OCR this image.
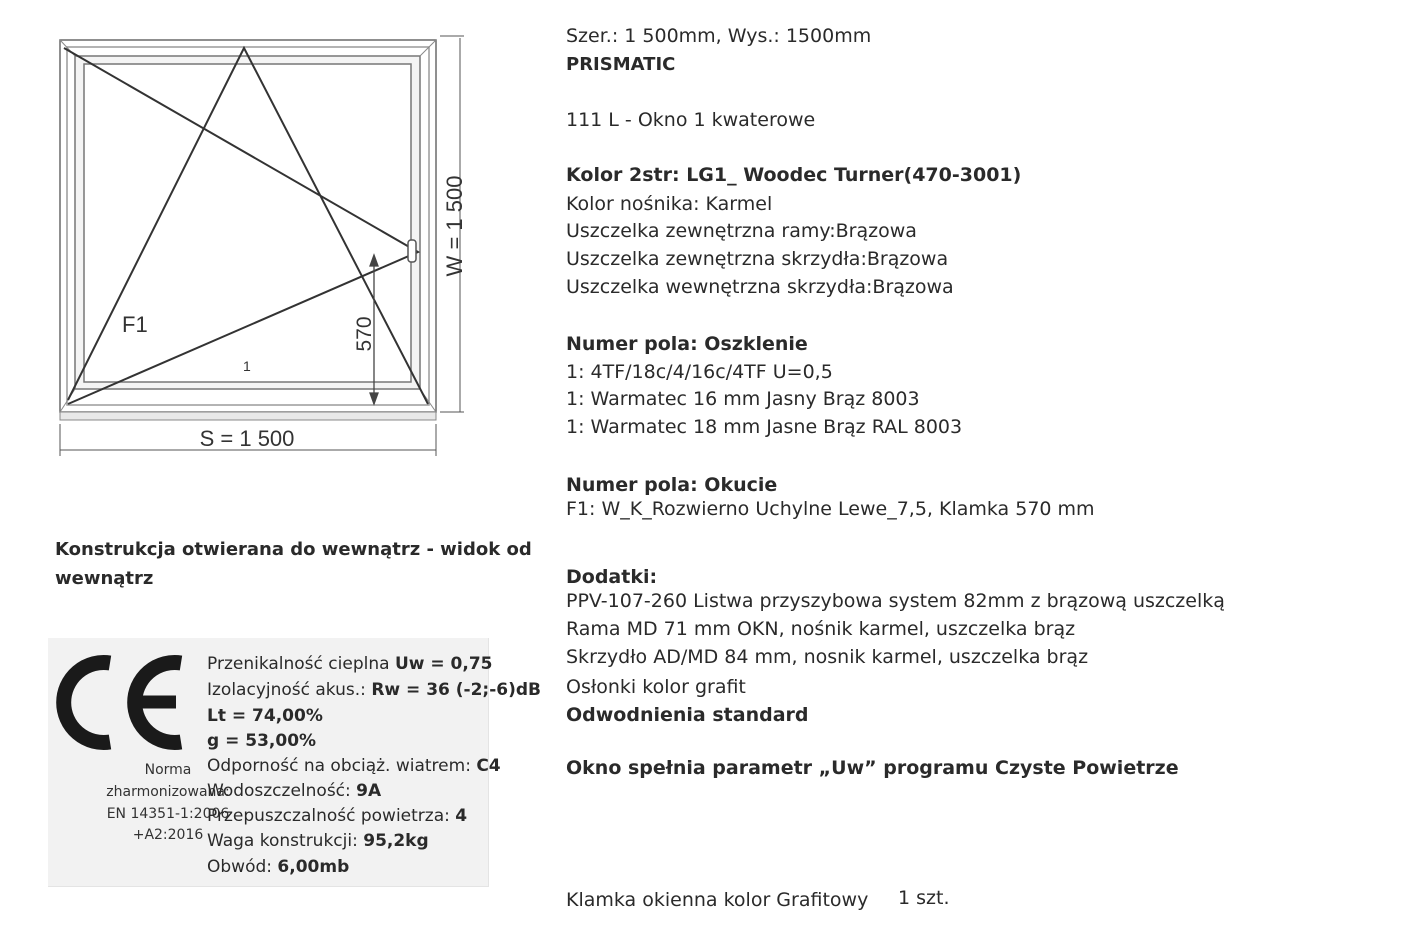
W = 1 500
S = 1 500
570
F1
1
Konstrukcja otwierana do wewnątrz - widok od
wewnątrz
Norma
zharmonizowana:
EN 14351-1:2006
+A2:2016
Przenikalność cieplna Uw = 0,75
Izolacyjność akus.: Rw = 36 (-2;-6)dB
Lt = 74,00%
g = 53,00%
Odporność na obciąż. wiatrem: C4
Wodoszczelność: 9A
Przepuszczalność powietrza: 4
Waga konstrukcji: 95,2kg
Obwód: 6,00mb
Szer.: 1 500mm, Wys.: 1500mm
PRISMATIC
111 L - Okno 1 kwaterowe
Kolor 2str: LG1_ Woodec Turner(470-3001)
Kolor nośnika: Karmel
Uszczelka zewnętrzna ramy:Brązowa
Uszczelka zewnętrzna skrzydła:Brązowa
Uszczelka wewnętrzna skrzydła:Brązowa
Numer pola: Oszklenie
1: 4TF/18c/4/16c/4TF U=0,5
1: Warmatec 16 mm Jasny Brąz 8003
1: Warmatec 18 mm Jasne Brąz RAL 8003
Numer pola: Okucie
F1: W_K_Rozwierno Uchylne Lewe_7,5, Klamka 570 mm
Dodatki:
PPV-107-260 Listwa przyszybowa system 82mm z brązową uszczelką
Rama MD 71 mm OKN, nośnik karmel, uszczelka brąz
Skrzydło AD/MD 84 mm, nosnik karmel, uszczelka brąz
Osłonki kolor grafit
Odwodnienia standard
Okno spełnia parametr „Uw” programu Czyste Powietrze
Klamka okienna kolor Grafitowy 1 szt.
